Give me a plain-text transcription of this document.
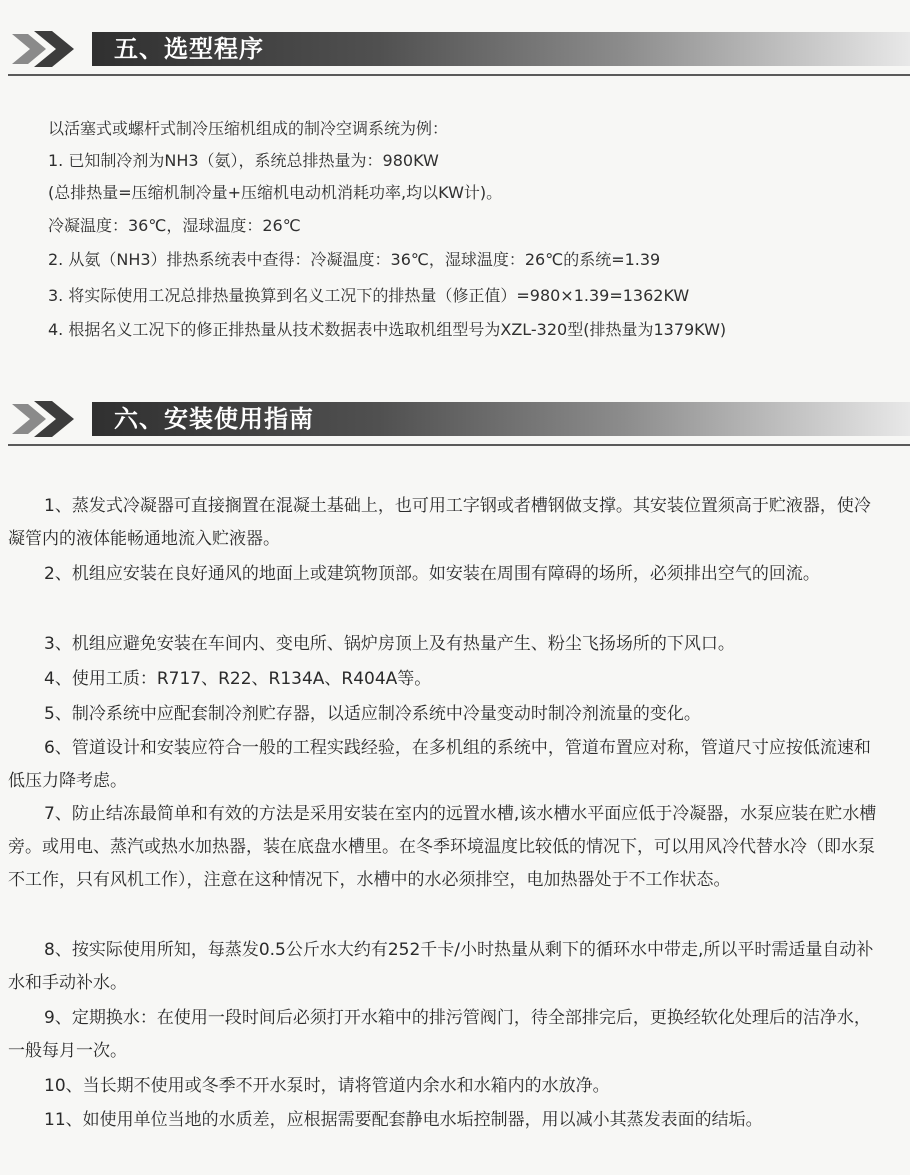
五、选型程序
以活塞式或螺杆式制冷压缩机组成的制冷空调系统为例：
1. 已知制冷剂为NH3（氨），系统总排热量为：980KW
(总排热量=压缩机制冷量+压缩机电动机消耗功率,均以KW计)。
冷凝温度：36℃，湿球温度：26℃
2. 从氨（NH3）排热系统表中查得：冷凝温度：36℃，湿球温度：26℃的系统=1.39
3. 将实际使用工况总排热量换算到名义工况下的排热量（修正值）=980×1.39=1362KW
4. 根据名义工况下的修正排热量从技术数据表中选取机组型号为XZL-320型(排热量为1379KW)
六、安装使用指南
1、蒸发式冷凝器可直接搁置在混凝土基础上，也可用工字钢或者槽钢做支撑。其安装位置须高于贮液器，使冷凝管内的液体能畅通地流入贮液器。
2、机组应安装在良好通风的地面上或建筑物顶部。如安装在周围有障碍的场所，必须排出空气的回流。
3、机组应避免安装在车间内、变电所、锅炉房顶上及有热量产生、粉尘飞扬场所的下风口。
4、使用工质：R717、R22、R134A、R404A等。
5、制冷系统中应配套制冷剂贮存器，以适应制冷系统中冷量变动时制冷剂流量的变化。
6、管道设计和安装应符合一般的工程实践经验，在多机组的系统中，管道布置应对称，管道尺寸应按低流速和低压力降考虑。
7、防止结冻最简单和有效的方法是采用安装在室内的远置水槽,该水槽水平面应低于冷凝器，水泵应装在贮水槽旁。或用电、蒸汽或热水加热器，装在底盘水槽里。在冬季环境温度比较低的情况下，可以用风冷代替水冷（即水泵不工作，只有风机工作），注意在这种情况下，水槽中的水必须排空，电加热器处于不工作状态。
8、按实际使用所知，每蒸发0.5公斤水大约有252千卡/小时热量从剩下的循环水中带走,所以平时需适量自动补水和手动补水。
9、定期换水：在使用一段时间后必须打开水箱中的排污管阀门，待全部排完后，更换经软化处理后的洁净水，一般每月一次。
10、当长期不使用或冬季不开水泵时，请将管道内余水和水箱内的水放净。
11、如使用单位当地的水质差，应根据需要配套静电水垢控制器，用以减小其蒸发表面的结垢。
